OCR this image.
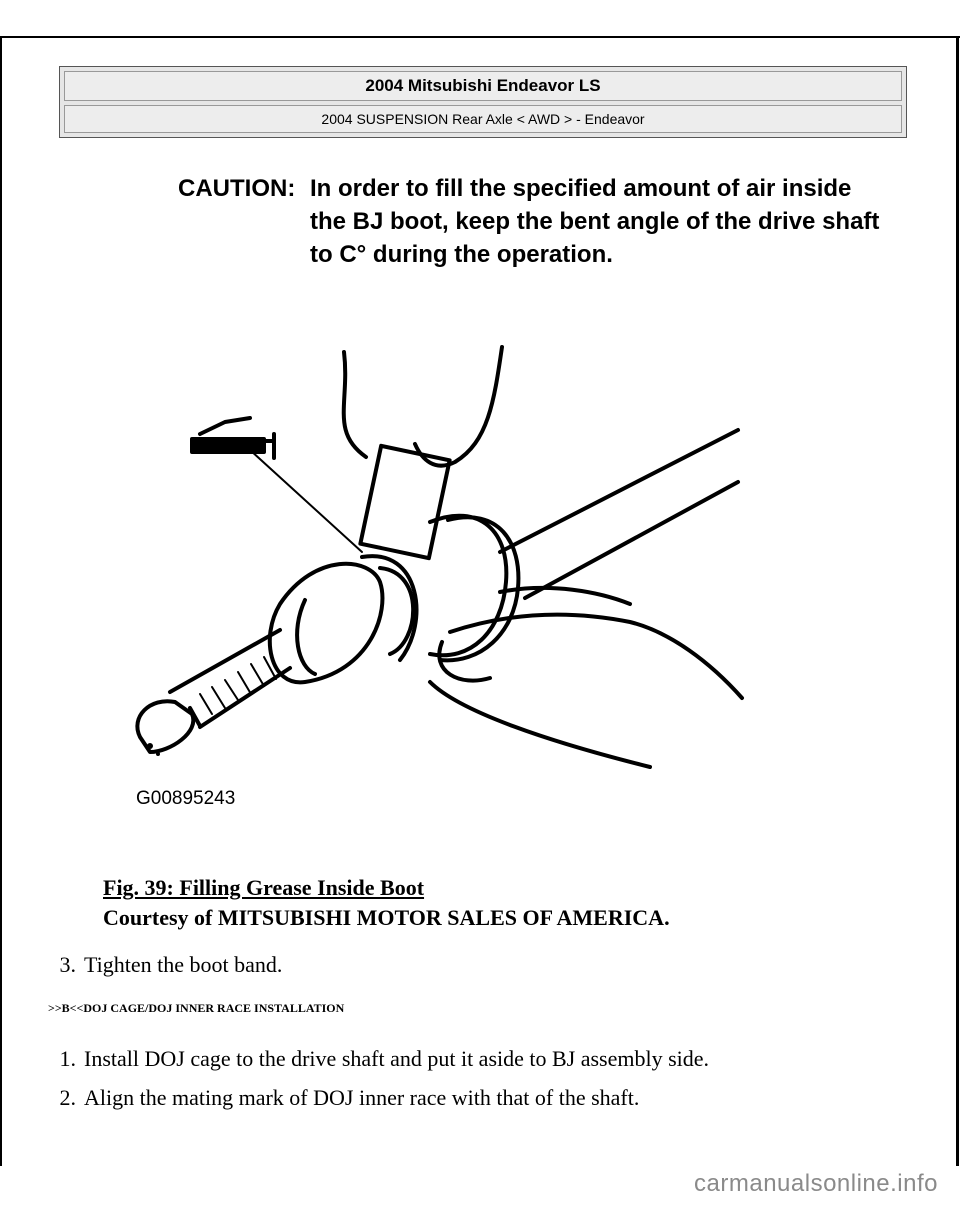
2004 Mitsubishi Endeavor LS
2004 SUSPENSION Rear Axle < AWD > - Endeavor
CAUTION: In order to fill the specified amount of air inside the BJ boot, keep the bent angle of the drive shaft to C° during the operation.
G00895243
Fig. 39: Filling Grease Inside Boot
Courtesy of MITSUBISHI MOTOR SALES OF AMERICA.
3. Tighten the boot band.
>>B<<DOJ CAGE/DOJ INNER RACE INSTALLATION
1. Install DOJ cage to the drive shaft and put it aside to BJ assembly side.
2. Align the mating mark of DOJ inner race with that of the shaft.
carmanualsonline.info
